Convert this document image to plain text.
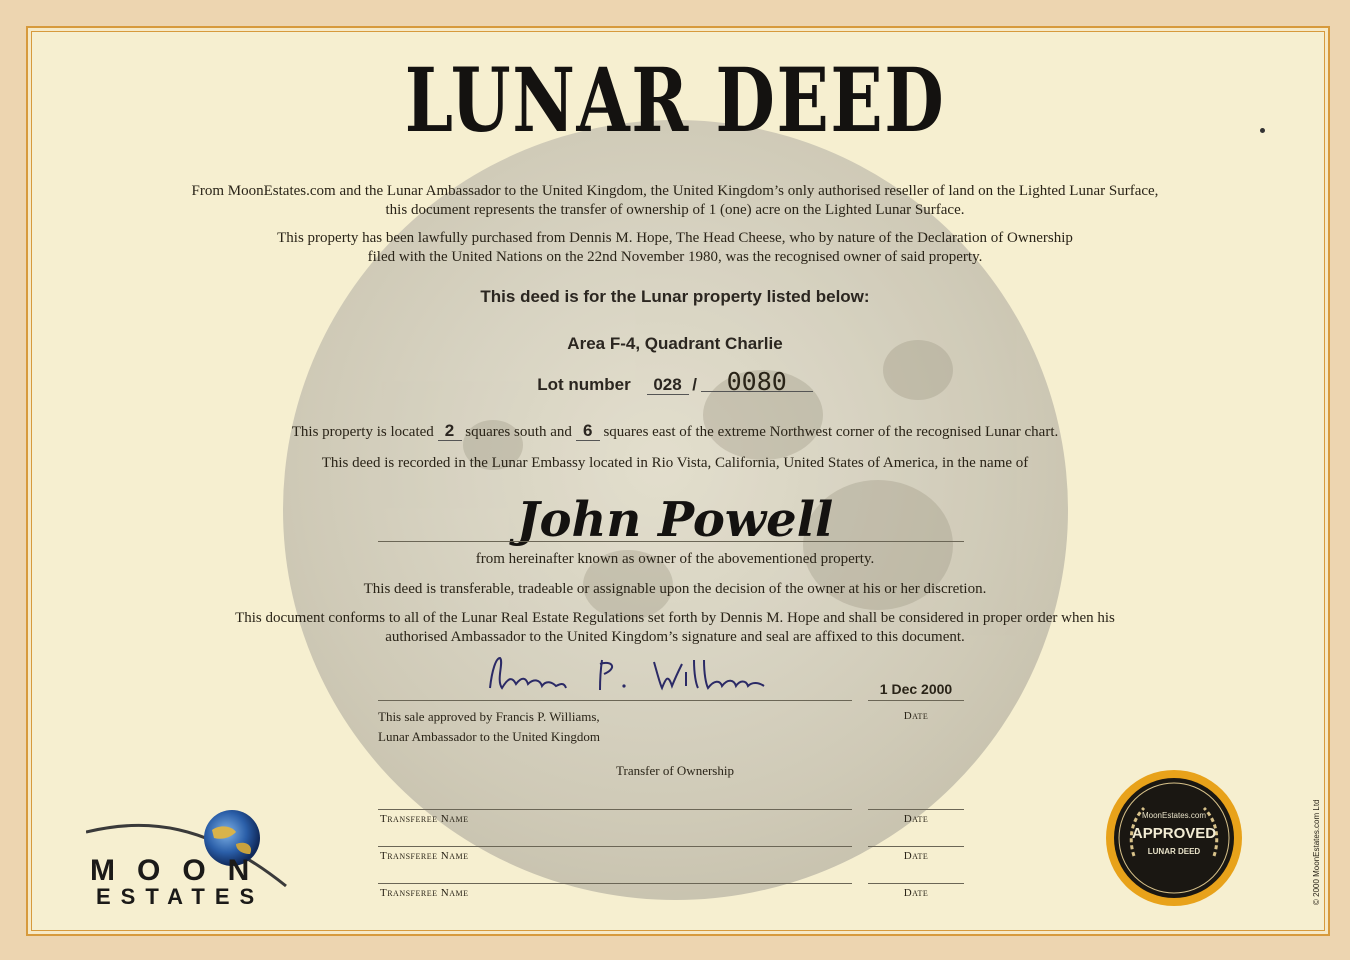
LUNAR DEED
From MoonEstates.com and the Lunar Ambassador to the United Kingdom, the United Kingdom’s only authorised reseller of land on the Lighted Lunar Surface,
this document represents the transfer of ownership of 1 (one) acre on the Lighted Lunar Surface.
This property has been lawfully purchased from Dennis M. Hope, The Head Cheese, who by nature of the Declaration of Ownership
filed with the United Nations on the 22nd November 1980, was the recognised owner of said property.
This deed is for the Lunar property listed below:
Area F-4, Quadrant Charlie
Lot number 028 / 0080
This property is located 2 squares south and 6 squares east of the extreme Northwest corner of the recognised Lunar chart.
This deed is recorded in the Lunar Embassy located in Rio Vista, California, United States of America, in the name of
John Powell
from hereinafter known as owner of the abovementioned property.
This deed is transferable, tradeable or assignable upon the decision of the owner at his or her discretion.
This document conforms to all of the Lunar Real Estate Regulations set forth by Dennis M. Hope and shall be considered in proper order when his
authorised Ambassador to the United Kingdom’s signature and seal are affixed to this document.
1 Dec 2000
Date
This sale approved by Francis P. Williams,
Lunar Ambassador to the United Kingdom
Transfer of Ownership
Transferee Name	Date
Transferee Name	Date
Transferee Name	Date
MOON
ESTATES
MoonEstates.com
APPROVED
LUNAR DEED	© 2000 MoonEstates.com Ltd
